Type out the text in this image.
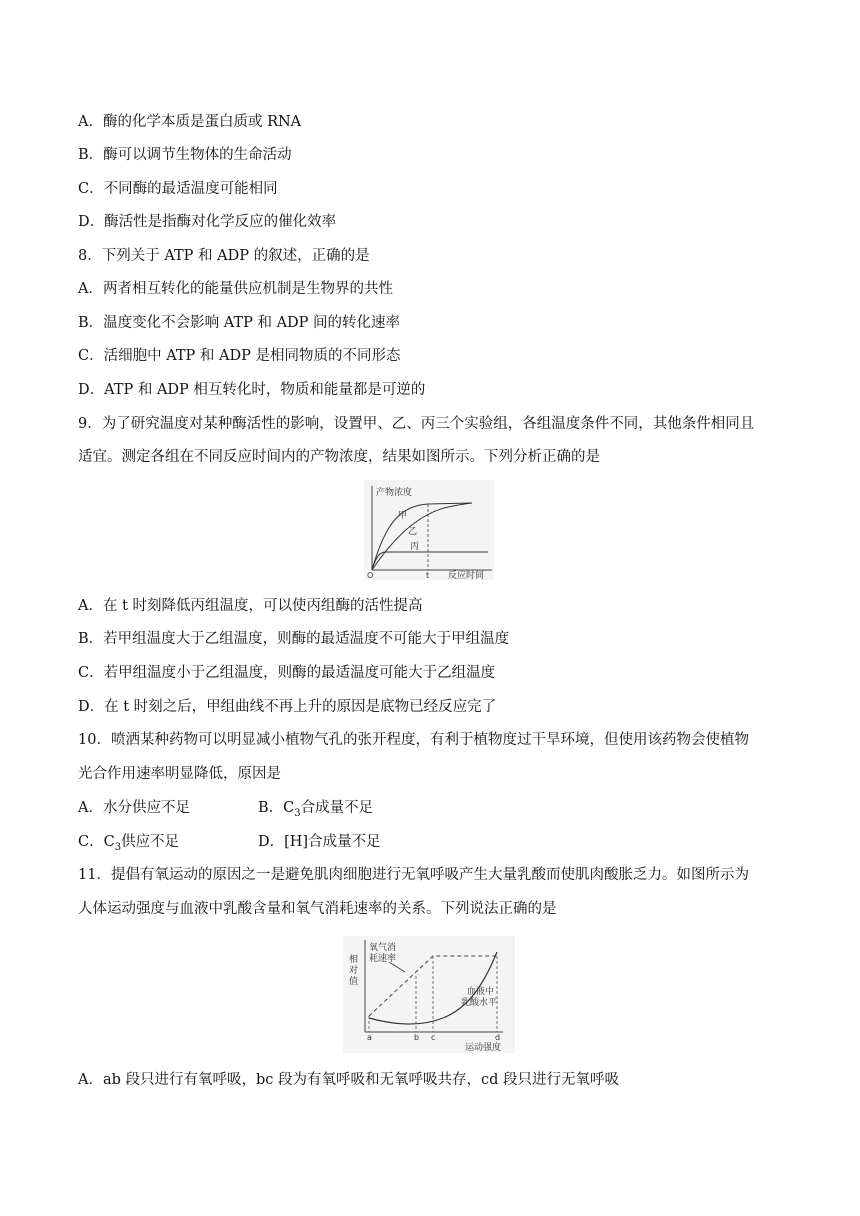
A．酶的化学本质是蛋白质或 RNA
B．酶可以调节生物体的生命活动
C．不同酶的最适温度可能相同
D．酶活性是指酶对化学反应的催化效率
8．下列关于 ATP 和 ADP 的叙述，正确的是
A．两者相互转化的能量供应机制是生物界的共性
B．温度变化不会影响 ATP 和 ADP 间的转化速率
C．活细胞中 ATP 和 ADP 是相同物质的不同形态
D．ATP 和 ADP 相互转化时，物质和能量都是可逆的
9．为了研究温度对某种酶活性的影响，设置甲、乙、丙三个实验组，各组温度条件不同，其他条件相同且
适宜。测定各组在不同反应时间内的产物浓度，结果如图所示。下列分析正确的是
产物浓度
甲
乙
丙
O	t 反应时间
A．在 t 时刻降低丙组温度，可以使丙组酶的活性提高
B．若甲组温度大于乙组温度，则酶的最适温度不可能大于甲组温度
C．若甲组温度小于乙组温度，则酶的最适温度可能大于乙组温度
D．在 t 时刻之后，甲组曲线不再上升的原因是底物已经反应完了
10．喷洒某种药物可以明显减小植物气孔的张开程度，有利于植物度过干旱环境，但使用该药物会使植物
光合作用速率明显降低，原因是
A．水分供应不足	B．$C_3$合成量不足
C．$C_3$供应不足	D．[H]合成量不足
11．提倡有氧运动的原因之一是避免肌肉细胞进行无氧呼吸产生大量乳酸而使肌肉酸胀乏力。如图所示为
人体运动强度与血液中乳酸含量和氧气消耗速率的关系。下列说法正确的是
相
对
值
氧气消
耗速率
血液中
乳酸水平
a	b c	d
运动强度
A．ab 段只进行有氧呼吸，bc 段为有氧呼吸和无氧呼吸共存，cd 段只进行无氧呼吸
